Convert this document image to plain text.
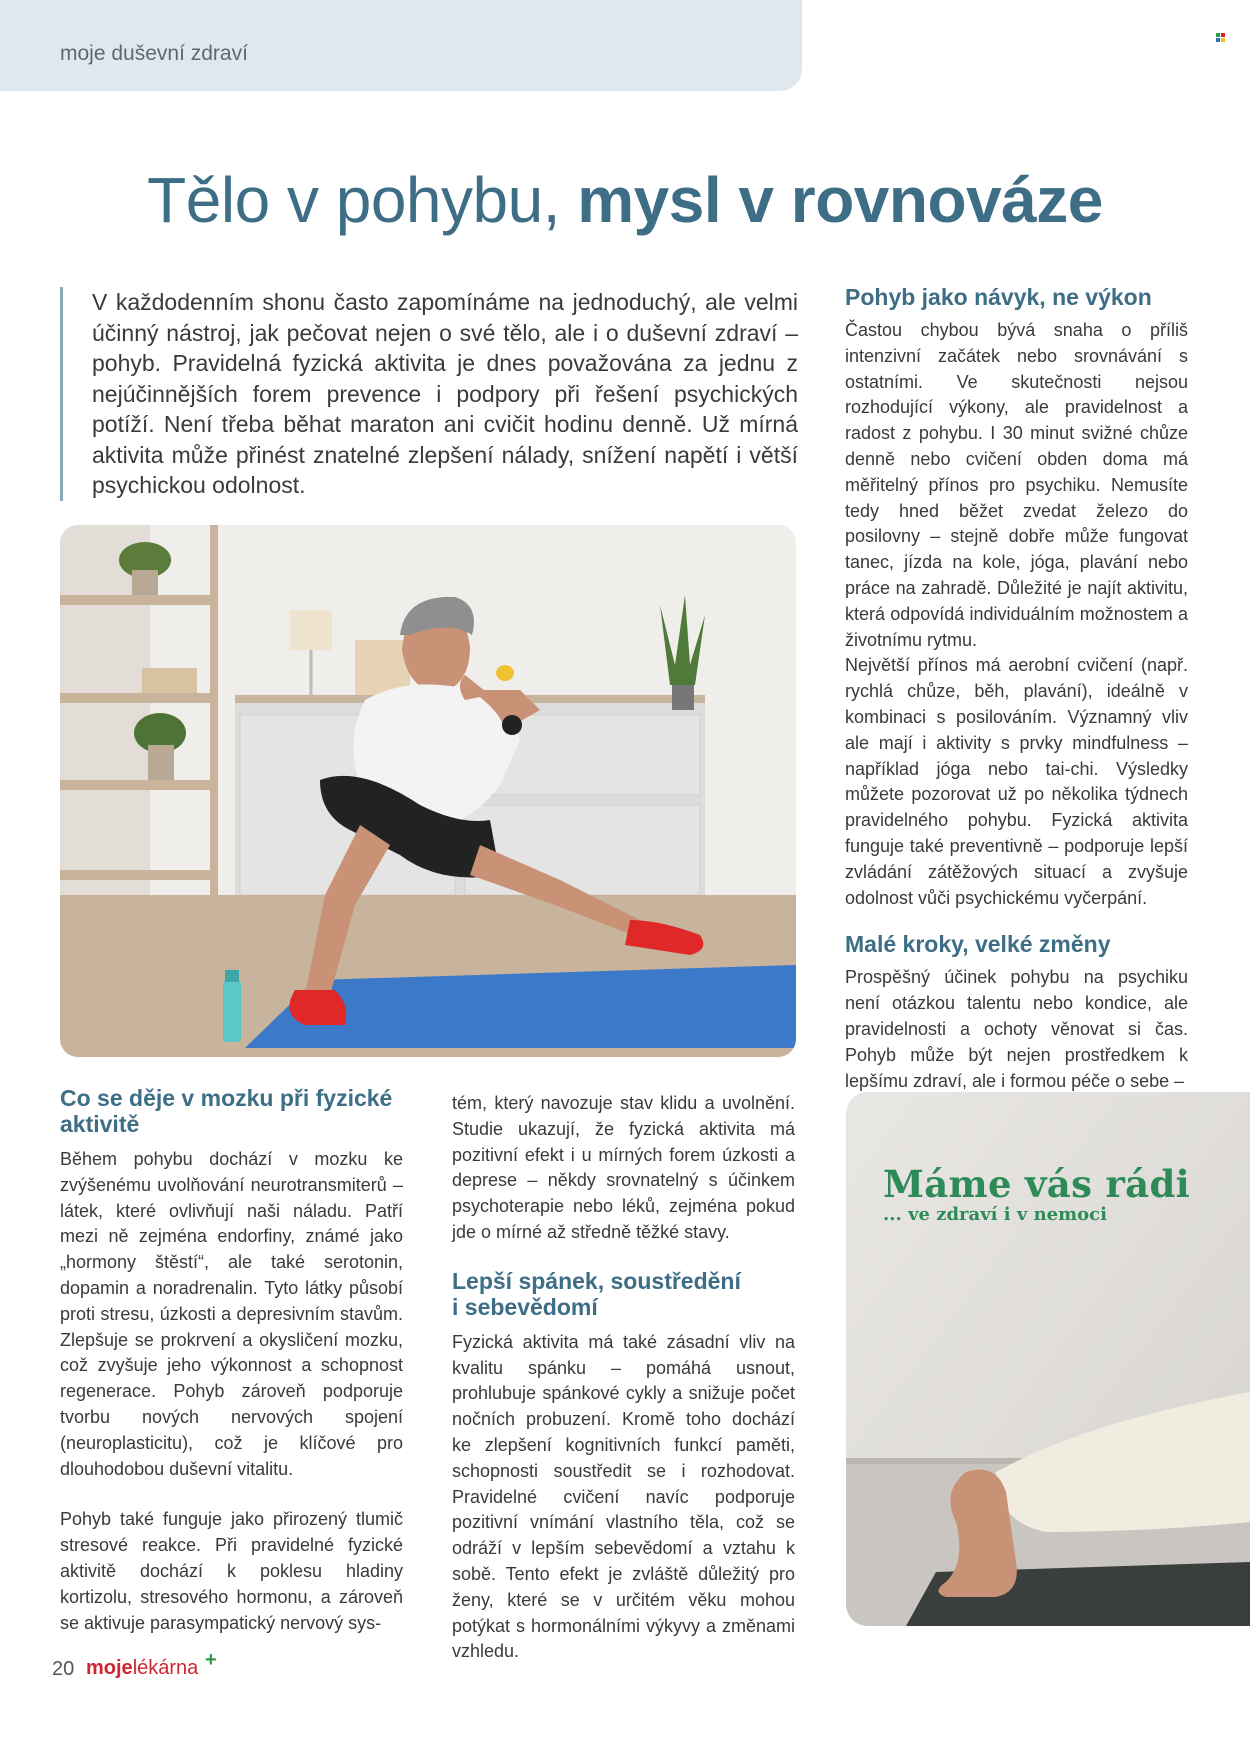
moje duševní zdraví
Tělo v pohybu, mysl v rovnováze
V každodenním shonu často zapomínáme na jednoduchý, ale velmi účinný nástroj, jak pečovat nejen o své tělo, ale i o duševní zdraví – pohyb. Pravidelná fyzická aktivita je dnes považována za jednu z nejúčinnějších forem prevence i podpory při řešení psychických potíží. Není třeba běhat maraton ani cvičit hodinu denně. Už mírná aktivita může přinést znatelné zlepšení nálady, snížení napětí i větší psychickou odolnost.
Co se děje v mozku při fyzické aktivitě

Během pohybu dochází v mozku ke zvýšenému uvolňování neurotransmiterů – látek, které ovlivňují naši náladu. Patří mezi ně zejména endorfiny, známé jako „hormony štěstí“, ale také serotonin, dopamin a noradrenalin. Tyto látky působí proti stresu, úzkosti a depresivním stavům. Zlepšuje se prokrvení a okysličení mozku, což zvyšuje jeho výkonnost a schopnost regenerace. Pohyb zároveň podporuje tvorbu nových nervových spojení (neuroplasticitu), což je klíčové pro dlouhodobou duševní vitalitu.

Pohyb také funguje jako přirozený tlumič stresové reakce. Při pravidelné fyzické aktivitě dochází k poklesu hladiny kortizolu, stresového hormonu, a zároveň se aktivuje parasympatický nervový sys-

tém, který navozuje stav klidu a uvolnění. Studie ukazují, že fyzická aktivita má pozitivní efekt i u mírných forem úzkosti a deprese – někdy srovnatelný s účinkem psychoterapie nebo léků, zejména pokud jde o mírné až středně těžké stavy.

Lepší spánek, soustředění i sebevědomí

Fyzická aktivita má také zásadní vliv na kvalitu spánku – pomáhá usnout, prohlubuje spánkové cykly a snižuje počet nočních probuzení. Kromě toho dochází ke zlepšení kognitivních funkcí paměti, schopnosti soustředit se i rozhodovat. Pravidelné cvičení navíc podporuje pozitivní vnímání vlastního těla, což se odráží v lepším sebevědomí a vztahu k sobě. Tento efekt je zvláště důležitý pro ženy, které se v určitém věku mohou potýkat s hormonálními výkyvy a změnami vzhledu.

Pohyb jako návyk, ne výkon

Častou chybou bývá snaha o příliš intenzivní začátek nebo srovnávání s ostatními. Ve skutečnosti nejsou rozhodující výkony, ale pravidelnost a radost z pohybu. I 30 minut svižné chůze denně nebo cvičení obden doma má měřitelný přínos pro psychiku. Nemusíte tedy hned běžet zvedat železo do posilovny – stejně dobře může fungovat tanec, jízda na kole, jóga, plavání nebo práce na zahradě. Důležité je najít aktivitu, která odpovídá individuálním možnostem a životnímu rytmu.

Největší přínos má aerobní cvičení (např. rychlá chůze, běh, plavání), ideálně v kombinaci s posilováním. Významný vliv ale mají i aktivity s prvky mindfulness – například jóga nebo tai-chi. Výsledky můžete pozorovat už po několika týdnech pravidelného pohybu. Fyzická aktivita funguje také preventivně – podporuje lepší zvládání zátěžových situací a zvyšuje odolnost vůči psychickému vyčerpání.

Malé kroky, velké změny

Prospěšný účinek pohybu na psychiku není otázkou talentu nebo kondice, ale pravidelnosti a ochoty věnovat si čas. Pohyb může být nejen prostředkem k lepšímu zdraví, ale i formou péče o sebe –

Máme vás rádi
... ve zdraví i v nemoci
20 mojelékárna +
